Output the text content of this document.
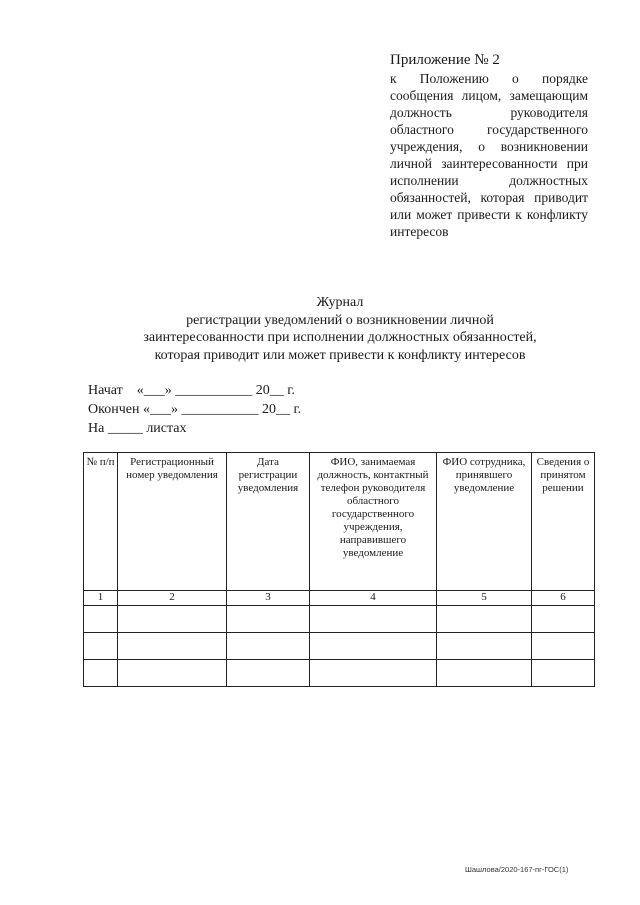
Приложение № 2
к Положению о порядке сообщения лицом, замещающим должность руководителя областного государственного учреждения, о возникновении личной заинтересованности при исполнении должностных обязанностей, которая приводит или может привести к конфликту интересов
Журнал
регистрации уведомлений о возникновении личной
заинтересованности при исполнении должностных обязанностей,
которая приводит или может привести к конфликту интересов
Начат    «___» ___________ 20__ г.
Окончен «___» ___________ 20__ г.
На _____ листах
№ п/п	Регистрационный номер уведомления	Дата регистрации уведомления	ФИО, занимаемая должность, контактный телефон руководителя областного государственного учреждения, направившего уведомление	ФИО сотрудника, принявшего уведомление	Сведения о принятом решении
1	2	3	4	5	6

Шашлова/2020-167-пг-ГОС(1)
